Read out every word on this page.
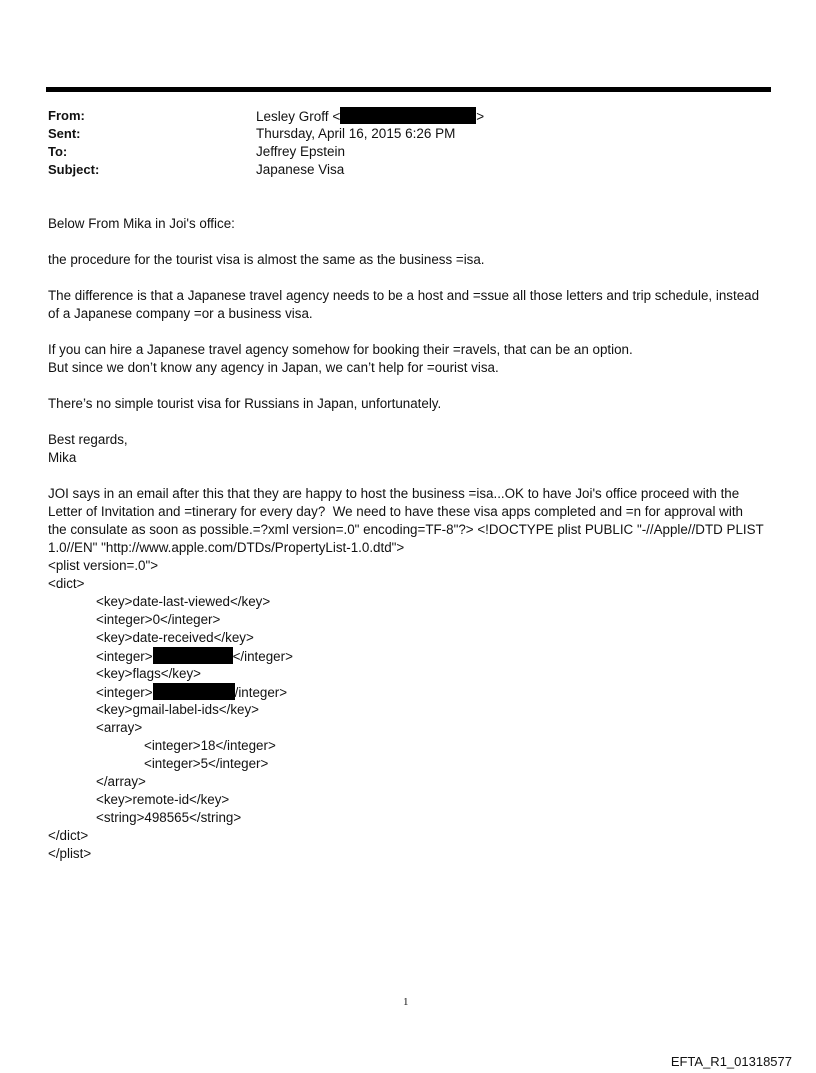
From:	Lesley Groff <	>
Sent:	Thursday, April 16, 2015 6:26 PM
To:	Jeffrey Epstein
Subject:	Japanese Visa
Below From Mika in Joi's office:
the procedure for the tourist visa is almost the same as the business =isa.
The difference is that a Japanese travel agency needs to be a host and =ssue all those letters and trip schedule, instead
of a Japanese company =or a business visa.
If you can hire a Japanese travel agency somehow for booking their =ravels, that can be an option.
But since we don’t know any agency in Japan, we can’t help for =ourist visa.
There’s no simple tourist visa for Russians in Japan, unfortunately.
Best regards,
Mika
JOI says in an email after this that they are happy to host the business =isa...OK to have Joi's office proceed with the
Letter of Invitation and =tinerary for every day?  We need to have these visa apps completed and =n for approval with
the consulate as soon as possible.=?xml version=.0" encoding=TF-8"?> <!DOCTYPE plist PUBLIC "-//Apple//DTD PLIST
1.0//EN" "http://www.apple.com/DTDs/PropertyList-1.0.dtd">
<plist version=.0">
<dict>
<key>date-last-viewed</key>
<integer>0</integer>
<key>date-received</key>
<integer>	</integer>
<key>flags</key>
<integer>	/integer>
<key>gmail-label-ids</key>
<array>
<integer>18</integer>
<integer>5</integer>
</array>
<key>remote-id</key>
<string>498565</string>
</dict>
</plist>
1
EFTA_R1_01318577
